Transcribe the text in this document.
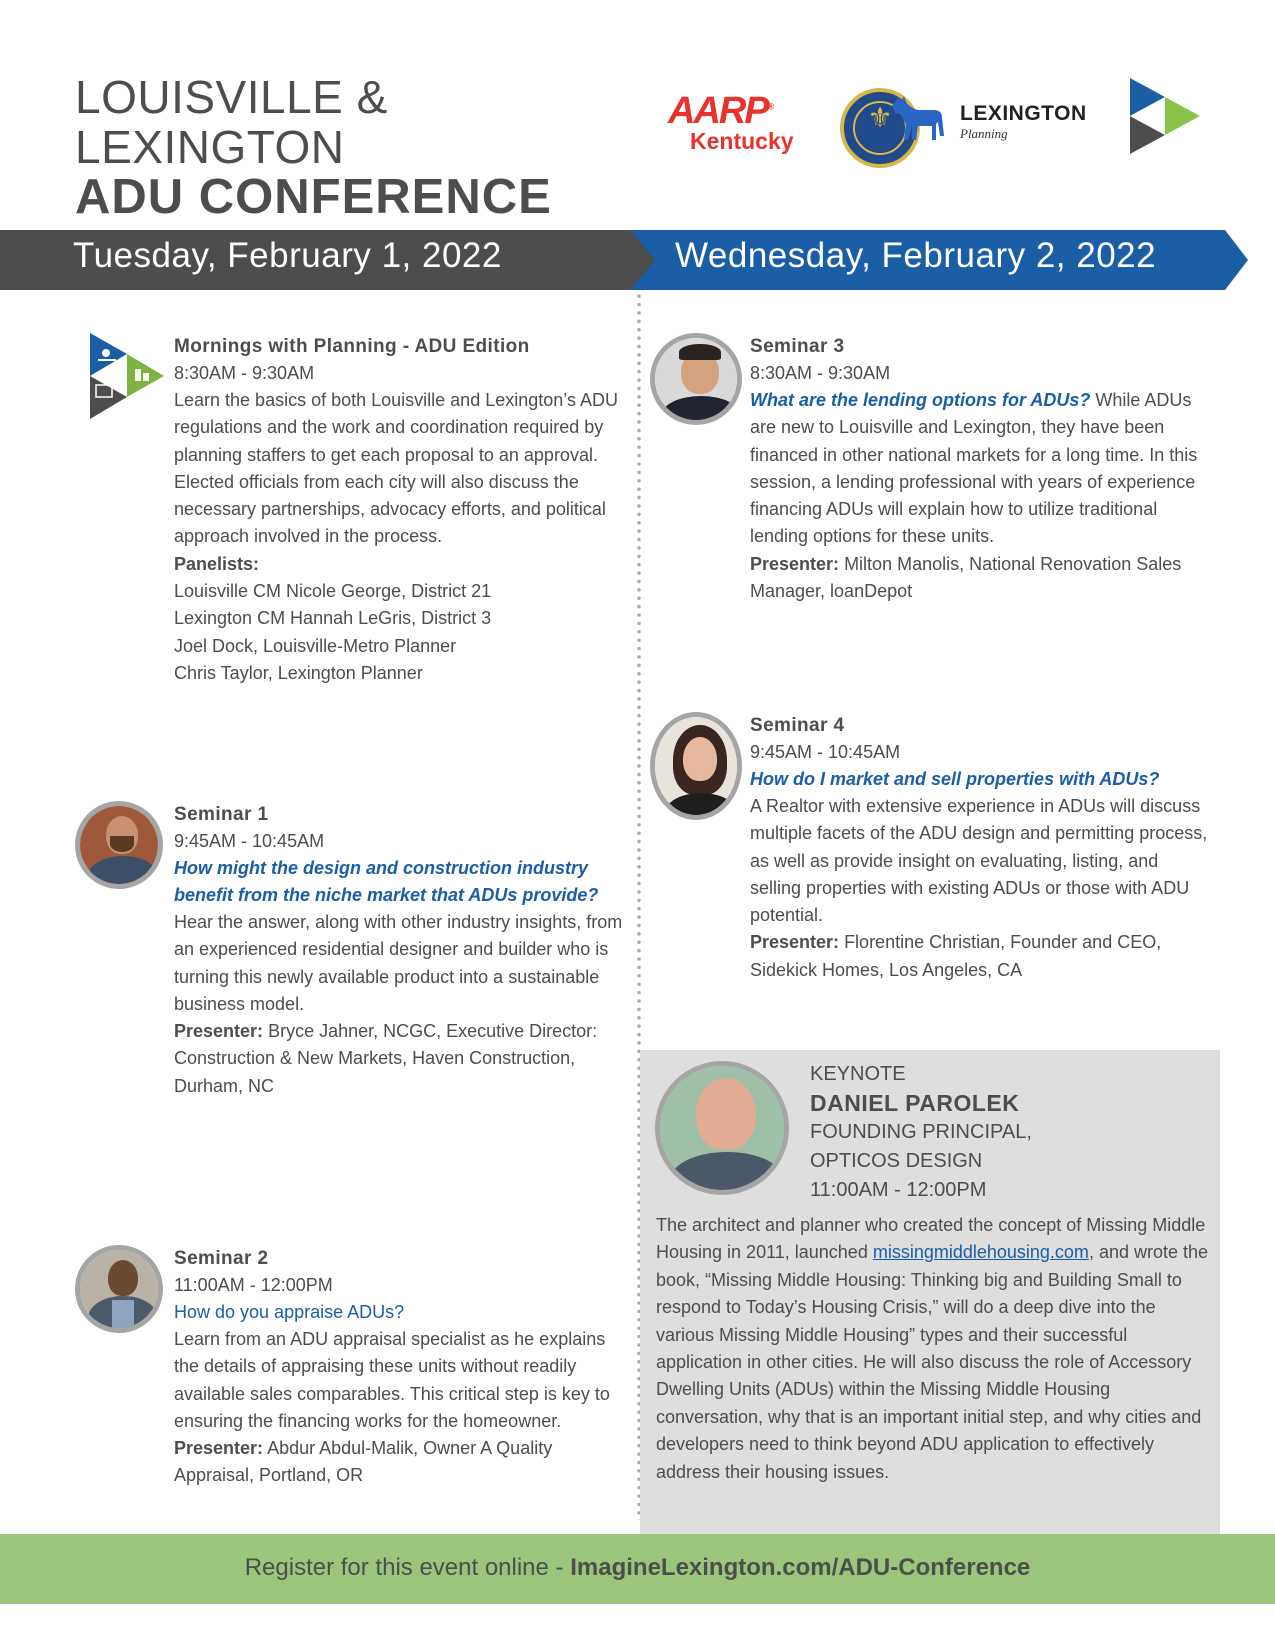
LOUISVILLE &
LEXINGTON
ADU CONFERENCE
AARP®
Kentucky
⚜	LEXINGTON
Planning
Tuesday, February 1, 2022	Wednesday, February 2, 2022
Mornings with Planning - ADU Edition
8:30AM - 9:30AM
Learn the basics of both Louisville and Lexington’s ADU regulations and the work and coordination required by planning staffers to get each proposal to an approval. Elected officials from each city will also discuss the necessary partnerships, advocacy efforts, and political approach involved in the process.
Panelists:
Louisville CM Nicole George, District 21
Lexington CM Hannah LeGris, District 3
Joel Dock, Louisville-Metro Planner
Chris Taylor, Lexington Planner
Seminar 1
9:45AM - 10:45AM
How might the design and construction industry benefit from the niche market that ADUs provide?
Hear the answer, along with other industry insights, from an experienced residential designer and builder who is turning this newly available product into a sustainable business model.
Presenter: Bryce Jahner, NCGC, Executive Director: Construction & New Markets, Haven Construction, Durham, NC
Seminar 2
11:00AM - 12:00PM
How do you appraise ADUs?
Learn from an ADU appraisal specialist as he explains the details of appraising these units without readily available sales comparables. This critical step is key to ensuring the financing works for the homeowner.
Presenter: Abdur Abdul-Malik, Owner A Quality Appraisal, Portland, OR
Seminar 3
8:30AM - 9:30AM
What are the lending options for ADUs? While ADUs are new to Louisville and Lexington, they have been financed in other national markets for a long time. In this session, a lending professional with years of experience financing ADUs will explain how to utilize traditional lending options for these units.
Presenter: Milton Manolis, National Renovation Sales Manager, loanDepot
Seminar 4
9:45AM - 10:45AM
How do I market and sell properties with ADUs?
A Realtor with extensive experience in ADUs will discuss multiple facets of the ADU design and permitting process, as well as provide insight on evaluating, listing, and selling properties with existing ADUs or those with ADU potential.
Presenter: Florentine Christian, Founder and CEO, Sidekick Homes, Los Angeles, CA
KEYNOTE
DANIEL PAROLEK
FOUNDING PRINCIPAL,
OPTICOS DESIGN
11:00AM - 12:00PM
The architect and planner who created the concept of Missing Middle Housing in 2011, launched missingmiddlehousing.com, and wrote the book, “Missing Middle Housing: Thinking big and Building Small to respond to Today’s Housing Crisis,” will do a deep dive into the various Missing Middle Housing” types and their successful application in other cities. He will also discuss the role of Accessory Dwelling Units (ADUs) within the Missing Middle Housing conversation, why that is an important initial step, and why cities and developers need to think beyond ADU application to effectively address their housing issues.
Register for this event online - ImagineLexington.com/ADU-Conference
